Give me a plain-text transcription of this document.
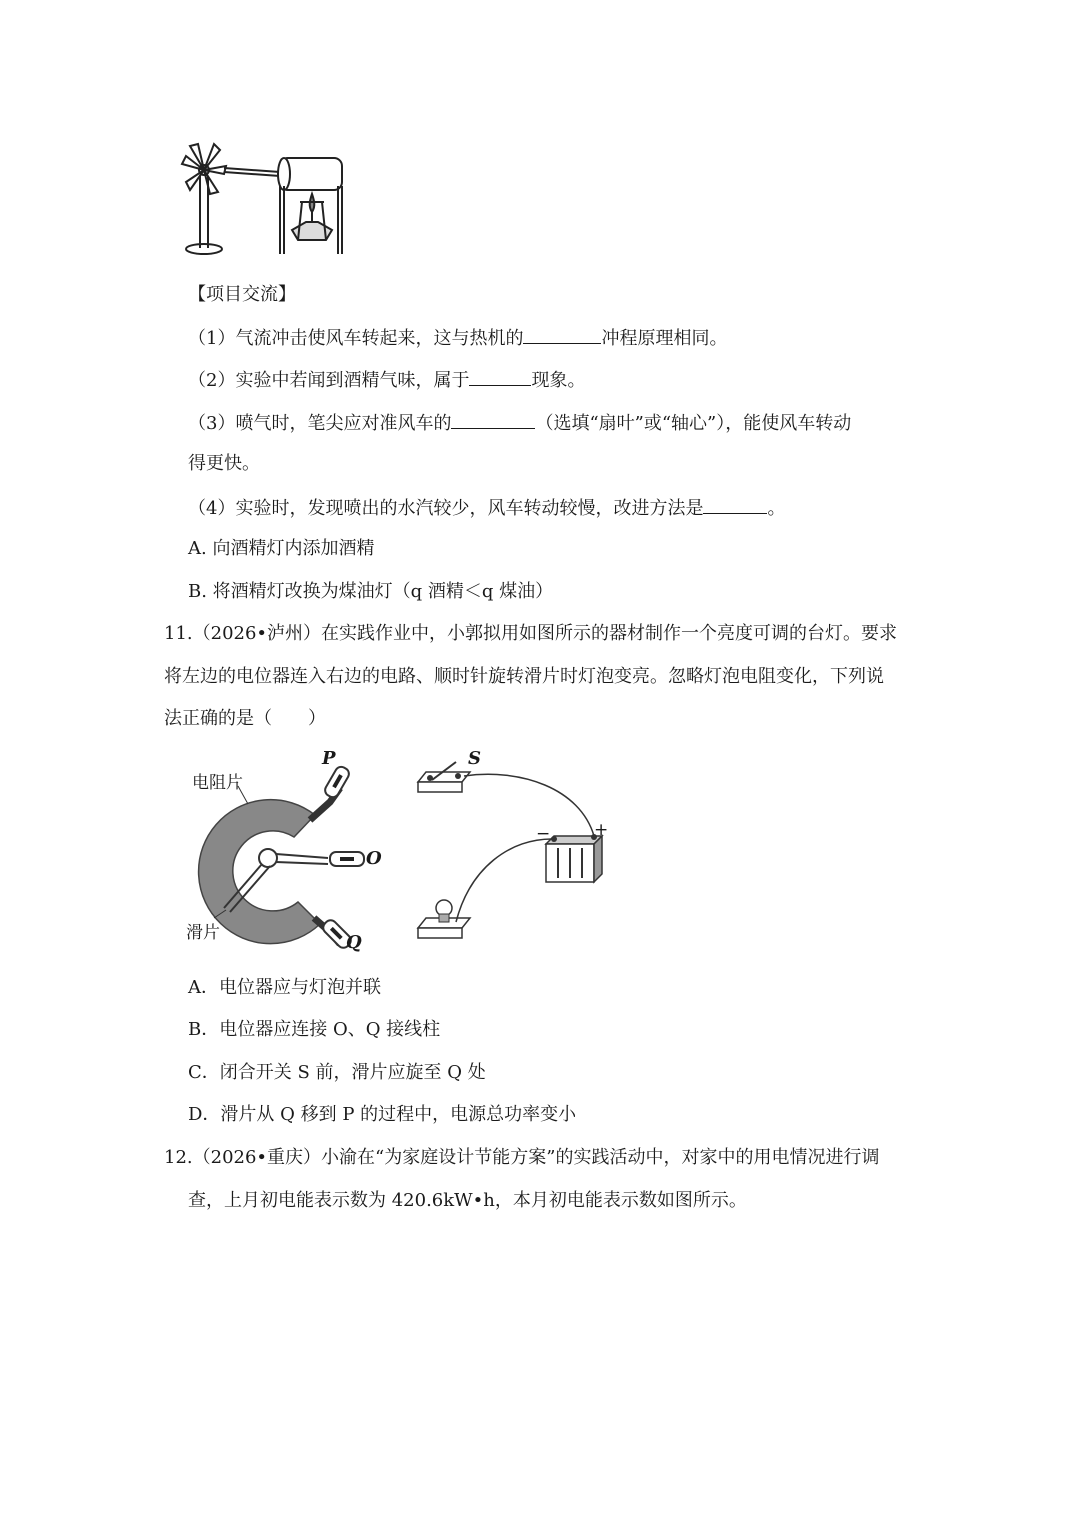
【项目交流】
（1）气流冲击使风车转起来，这与热机的	冲程原理相同。
（2）实验中若闻到酒精气味，属于	现象。
（3）喷气时，笔尖应对准风车的	（选填“扇叶”或“轴心”），能使风车转动
得更快。
（4）实验时，发现喷出的水汽较少，风车转动较慢，改进方法是	。
A. 向酒精灯内添加酒精
B. 将酒精灯改换为煤油灯（q 酒精＜q 煤油）
11.（2026•泸州）在实践作业中，小郭拟用如图所示的器材制作一个亮度可调的台灯。要求
将左边的电位器连入右边的电路、顺时针旋转滑片时灯泡变亮。忽略灯泡电阻变化，下列说
法正确的是（　　）
电阻片
滑片
P
O
Q
S
−	+
A．电位器应与灯泡并联
B．电位器应连接 O、Q 接线柱
C．闭合开关 S 前，滑片应旋至 Q 处
D．滑片从 Q 移到 P 的过程中，电源总功率变小
12.（2026•重庆）小渝在“为家庭设计节能方案”的实践活动中，对家中的用电情况进行调
查，上月初电能表示数为 420.6kW•h，本月初电能表示数如图所示。
